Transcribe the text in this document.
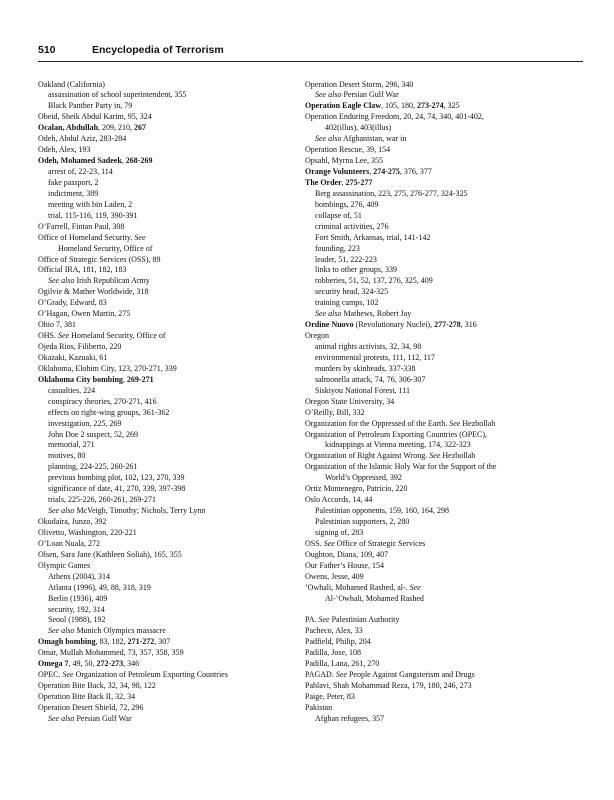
510	Encyclopedia of Terrorism
Oakland (California)
assassination of school superintendent, 355
Black Panther Party in, 79
Obeid, Sheik Abdul Karim, 95, 324
Ocalan, Abdullah, 209, 210, 267
Odeh, Abdul Aziz, 283-284
Odeh, Alex, 193
Odeh, Mohamed Sadeek, 268-269
arrest of, 22-23, 114
fake passport, 2
indictment, 389
meeting with bin Laden, 2
trial, 115-116, 119, 390-391
O’Farrell, Fintan Paul, 308
Office of Homeland Security. See
Homeland Security, Office of
Office of Strategic Services (OSS), 89
Official IRA, 181, 182, 183
See also Irish Republican Army
Ogilvie & Mather Worldwide, 318
O’Grady, Edward, 83
O’Hagan, Owen Martin, 275
Ohio 7, 381
OHS. See Homeland Security, Office of
Ojeda Rios, Filiberto, 220
Okazaki, Kazuaki, 61
Oklahoma, Elohim City, 123, 270-271, 339
Oklahoma City bombing, 269-271
casualties, 224
conspiracy theories, 270-271, 416
effects on right-wing groups, 361-362
investigation, 225, 269
John Doe 2 suspect, 52, 269
memorial, 271
motives, 80
planning, 224-225, 260-261
previous bombing plot, 102, 123, 270, 339
significance of date, 41, 270, 339, 397-398
trials, 225-226, 260-261, 269-271
See also McVeigh, Timothy; Nichols, Terry Lynn
Okudaira, Junzo, 392
Olivetto, Washington, 220-221
O’Loan Nuala, 272
Olsen, Sara Jane (Kathleen Soliah), 165, 355
Olympic Games
Athens (2004), 314
Atlanta (1996), 49, 88, 318, 319
Berlin (1936), 409
security, 192, 314
Seoul (1988), 192
See also Munich Olympics massacre
Omagh bombing, 83, 182, 271-272, 307
Omar, Mullah Mohammed, 73, 357, 358, 359
Omega 7, 49, 50, 272-273, 346
OPEC. See Organization of Petroleum Exporting Countries
Operation Bite Back, 32, 34, 98, 122
Operation Bite Back II, 32, 34
Operation Desert Shield, 72, 296
See also Persian Gulf War
Operation Desert Storm, 296, 340
See also Persian Gulf War
Operation Eagle Claw, 105, 180, 273-274, 325
Operation Enduring Freedom, 20, 24, 74, 340, 401-402,
402(illus), 403(illus)
See also Afghanistan, war in
Operation Rescue, 39, 154
Opsahl, Myrna Lee, 355
Orange Volunteers, 274-275, 376, 377
The Order, 275-277
Berg assassination, 223, 275, 276-277, 324-325
bombings, 276, 409
collapse of, 51
criminal activities, 276
Fort Smith, Arkansas, trial, 141-142
founding, 223
leader, 51, 222-223
links to other groups, 339
robberies, 51, 52, 137, 276, 325, 409
security head, 324-325
training camps, 102
See also Mathews, Robert Jay
Ordine Nuovo (Revolutionary Nuclei), 277-278, 316
Oregon
animal rights activists, 32, 34, 98
environmental protests, 111, 112, 117
murders by skinheads, 337-338
salmonella attack, 74, 76, 306-307
Siskiyou National Forest, 111
Oregon State University, 34
O’Reilly, Bill, 332
Organization for the Oppressed of the Earth. See Hezbollah
Organization of Petroleum Exporting Countries (OPEC),
kidnappings at Vienna meeting, 174, 322-323
Organization of Right Against Wrong. See Hezbollah
Organization of the Islamic Holy War for the Support of the
World’s Oppressed, 392
Ortiz Montenegro, Patricio, 220
Oslo Accords, 14, 44
Palestinian opponents, 159, 160, 164, 298
Palestinian supporters, 2, 280
signing of, 283
OSS. See Office of Strategic Services
Oughton, Diana, 109, 407
Our Father’s House, 154
Owens, Jesse, 409
’Owhali, Mohamed Rashed, al-. See
Al-’Owhali, Mohamed Rashed
PA. See Palestinian Authority
Pacheco, Alex, 33
Padfield, Philip, 204
Padilla, Jose, 108
Padilla, Lana, 261, 270
PAGAD. See People Against Gangsterism and Drugs
Pahlavi, Shah Mohammad Reza, 179, 180, 246, 273
Paige, Peter, 83
Pakistan
Afghan refugees, 357
